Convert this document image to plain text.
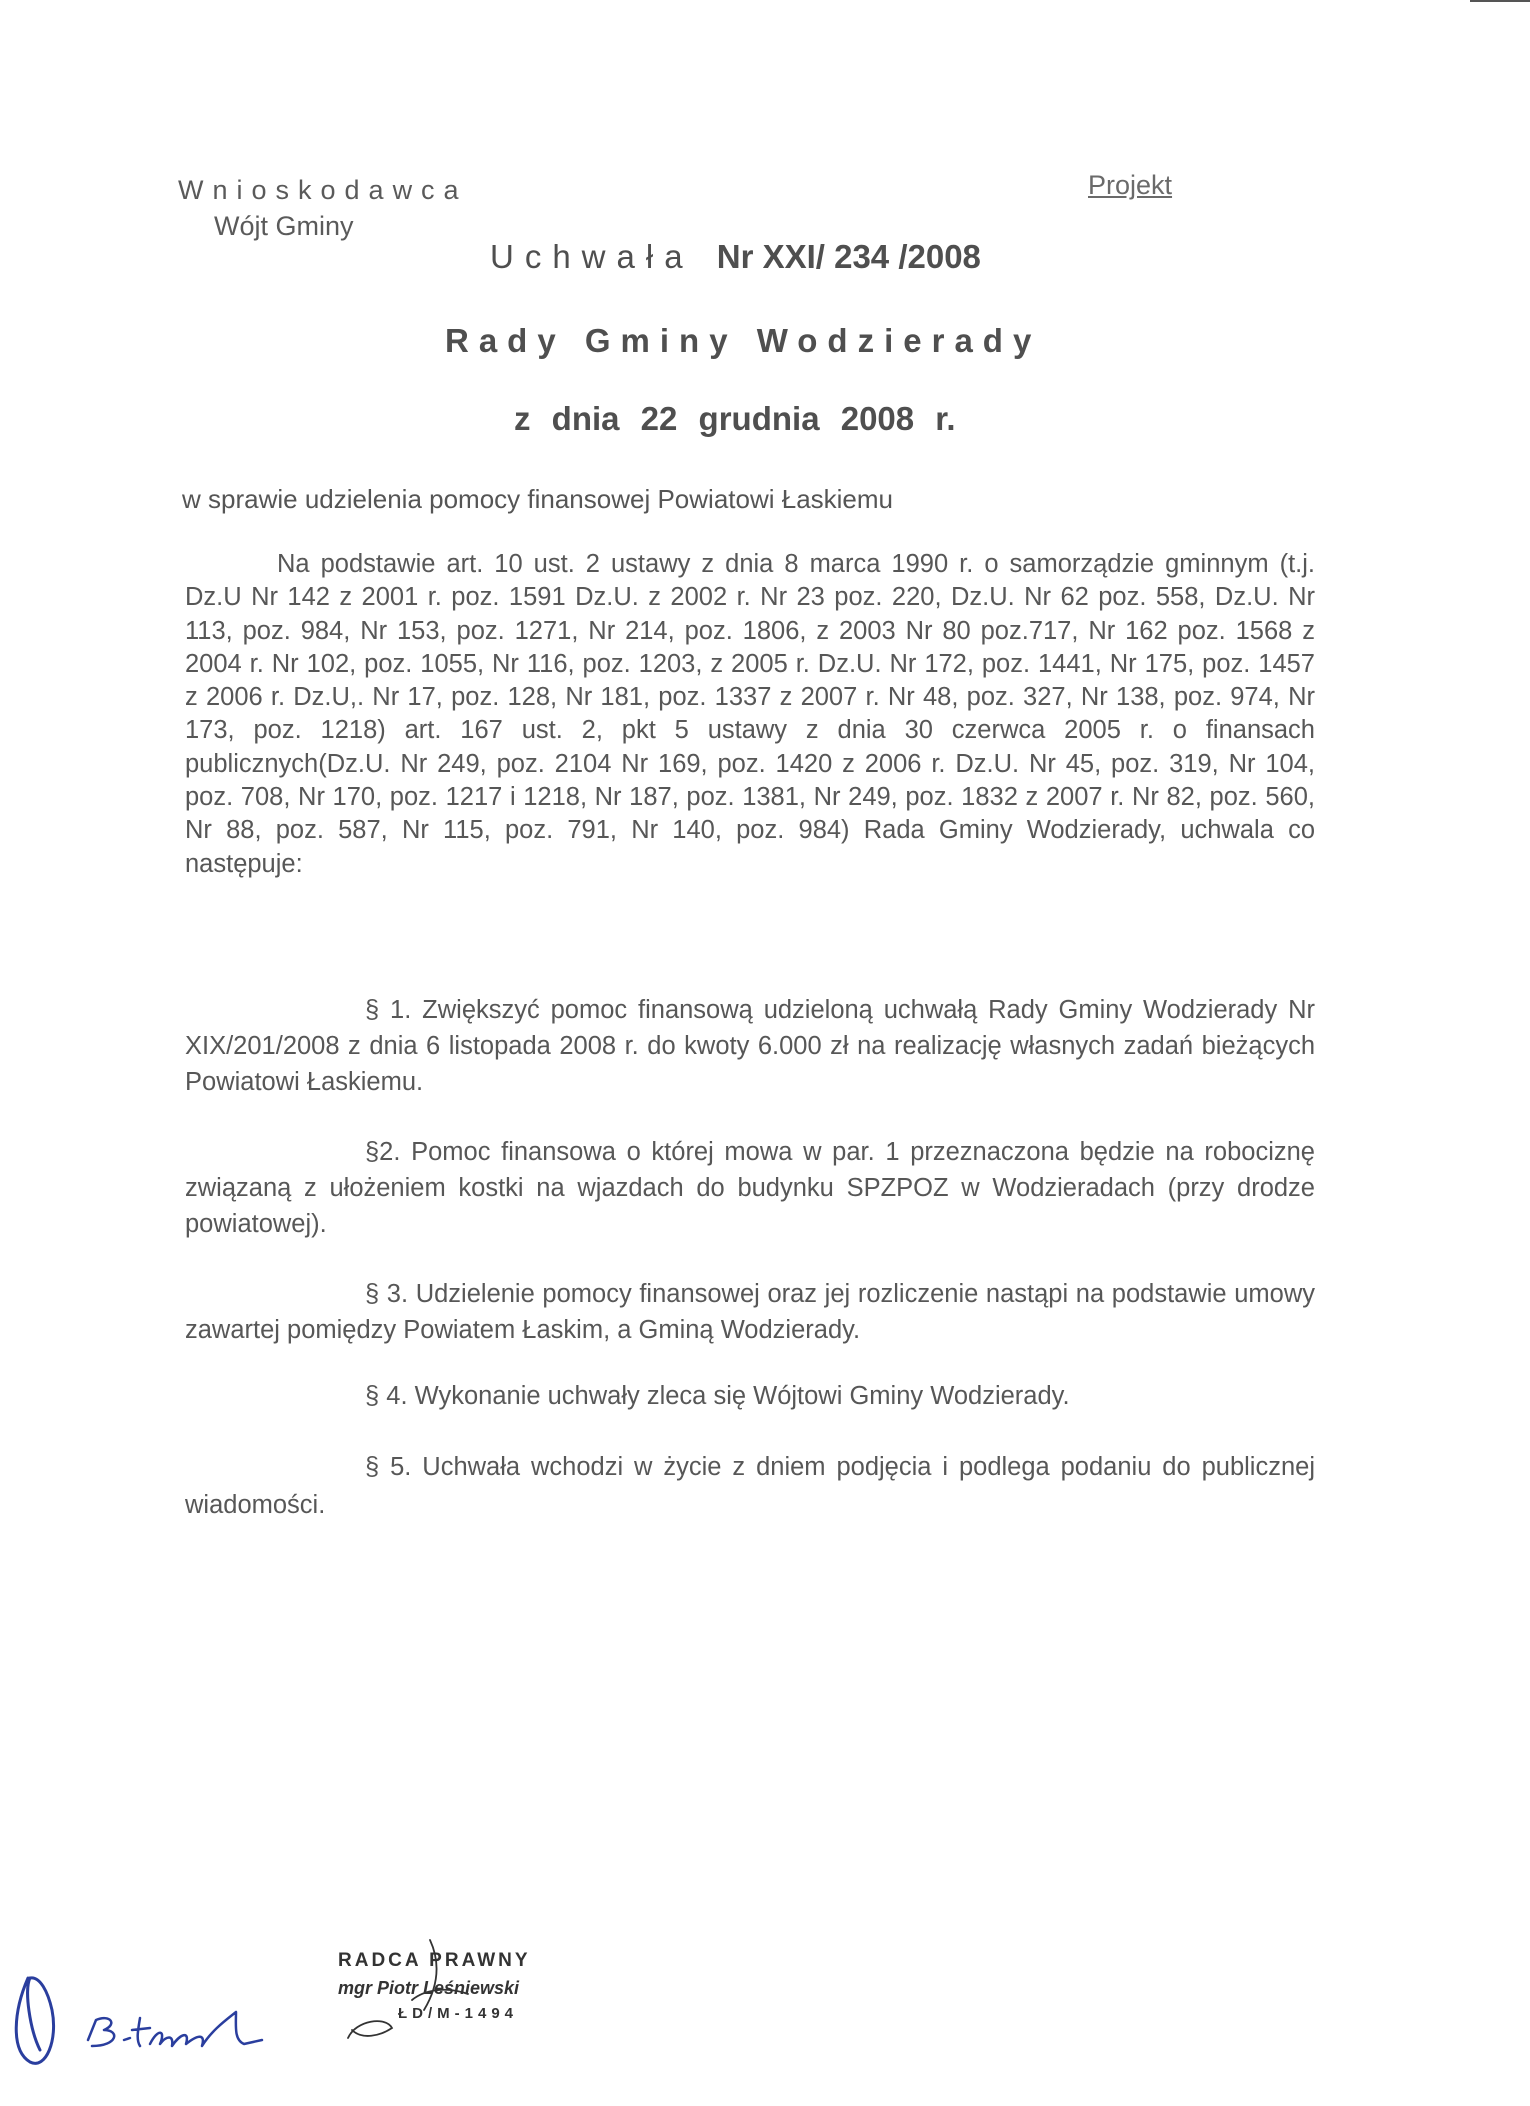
Wnioskodawca
Wójt Gminy
Projekt
Uchwała Nr XXI/ 234 /2008
Rady Gminy Wodzierady
z dnia 22 grudnia 2008 r.
w sprawie udzielenia pomocy finansowej Powiatowi Łaskiemu
Na podstawie art. 10 ust. 2 ustawy z dnia 8 marca 1990 r. o samorządzie gminnym (t.j. Dz.U Nr 142 z 2001 r. poz. 1591 Dz.U. z 2002 r. Nr 23 poz. 220, Dz.U. Nr 62 poz. 558, Dz.U. Nr 113, poz. 984, Nr 153, poz. 1271, Nr 214, poz. 1806, z 2003 Nr 80 poz.717, Nr 162 poz. 1568 z 2004 r. Nr 102, poz. 1055, Nr 116, poz. 1203, z 2005 r. Dz.U. Nr 172, poz. 1441, Nr 175, poz. 1457 z 2006 r. Dz.U,. Nr 17, poz. 128, Nr 181, poz. 1337 z 2007 r. Nr 48, poz. 327, Nr 138, poz. 974, Nr 173, poz. 1218) art. 167 ust. 2, pkt 5 ustawy z dnia 30 czerwca 2005 r. o finansach publicznych(Dz.U. Nr 249, poz. 2104 Nr 169, poz. 1420 z 2006 r. Dz.U. Nr 45, poz. 319, Nr 104, poz. 708, Nr 170, poz. 1217 i 1218, Nr 187, poz. 1381, Nr 249, poz. 1832 z 2007 r. Nr 82, poz. 560, Nr 88, poz. 587, Nr 115, poz. 791, Nr 140, poz. 984) Rada Gminy Wodzierady, uchwala co następuje:
§ 1. Zwiększyć pomoc finansową udzieloną uchwałą Rady Gminy Wodzierady Nr XIX/201/2008 z dnia 6 listopada 2008 r. do kwoty 6.000 zł na realizację własnych zadań bieżących Powiatowi Łaskiemu.
§2. Pomoc finansowa o której mowa w par. 1 przeznaczona będzie na robociznę związaną z ułożeniem kostki na wjazdach do budynku SPZPOZ w Wodzieradach (przy drodze powiatowej).
§ 3. Udzielenie pomocy finansowej oraz jej rozliczenie nastąpi na podstawie umowy zawartej pomiędzy Powiatem Łaskim, a Gminą Wodzierady.
§ 4. Wykonanie uchwały zleca się Wójtowi Gminy Wodzierady.
§ 5. Uchwała wchodzi w życie z dniem podjęcia i podlega podaniu do publicznej wiadomości.
RADCA PRAWNY
mgr Piotr Leśniewski
ŁD/M-1494
